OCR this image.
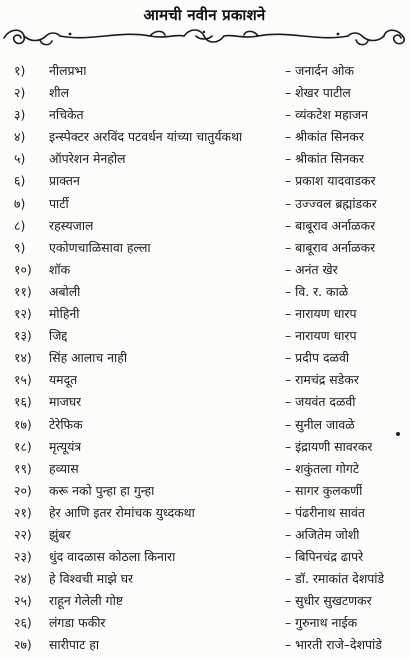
आमची नवीन प्रकाशने
१)	नीलप्रभा	– जनार्दन ओक
२)	शील	– शेखर पाटील
३)	नचिकेत	– व्यंकटेश महाजन
४)	इन्स्पेक्टर अरविंद पटवर्धन यांच्या चातुर्यकथा	– श्रीकांत सिनकर
५)	ऑपरेशन मेनहोल	– श्रीकांत सिनकर
६)	प्राक्तन	– प्रकाश यादवाडकर
७)	पार्टी	– उज्ज्वल ब्रह्मांडकर
८)	रहस्यजाल	– बाबूराव अर्नाळकर
९)	एकोणचाळिसावा हल्ला	– बाबूराव अर्नाळकर
१०)	शॉक	– अनंत खेर
११)	अबोली	– वि. र. काळे
१२)	मोहिनी	– नारायण धारप
१३)	जिद्द	– नारायण धारप
१४)	सिंह आलाच नाही	– प्रदीप दळवी
१५)	यमदूत	– रामचंद्र सडेकर
१६)	माजघर	– जयवंत दळवी
१७)	टेरेफिक	– सुनील जावळे
१८)	मृत्यूयंत्र	– इंद्रायणी सावरकर
१९)	हव्यास	– शकुंतला गोगटे
२०)	करू नको पुन्हा हा गुन्हा	– सागर कुलकर्णी
२१)	हेर आणि इतर रोमांचक युध्दकथा	– पंढरीनाथ सावंत
२२)	झुंबर	– अजितेम जोशी
२३)	धुंद वादळास कोठला किनारा	– बिपिनचंद्र ढापरे
२४)	हे विश्वची माझे घर	– डॉ. रमाकांत देशपांडे
२५)	राहून गेलेली गोष्ट	– सुधीर सुखटणकर
२६)	लंगडा फकीर	– गुरुनाथ नाईक
२७)	सारीपाट हा	– भारती राजे–देशपांडे
